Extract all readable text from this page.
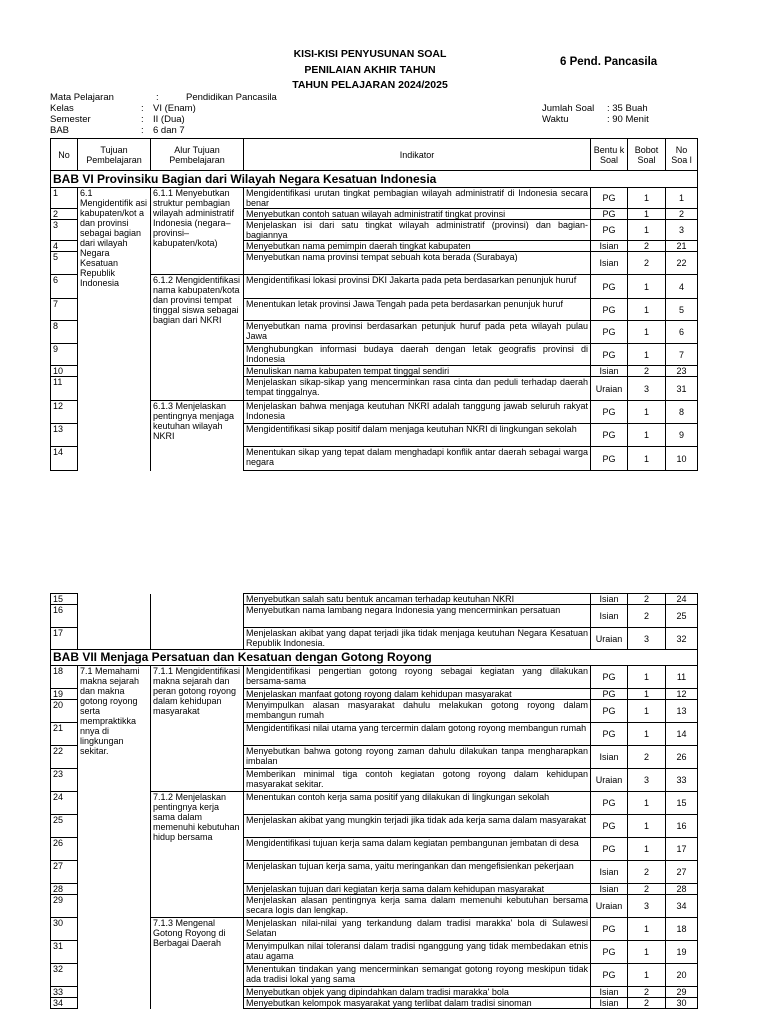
KISI-KISI PENYUSUNAN SOAL
PENILAIAN AKHIR TAHUN
TAHUN PELAJARAN 2024/2025
6 Pend. Pancasila
Mata Pelajaran	:	Pendidikan Pancasila
Kelas	: VI (Enam)
Semester	: II (Dua)
BAB	: 6 dan 7
Jumlah Soal : 35 Buah
Waktu	: 90 Menit
No	Tujuan Pembelajaran	Alur Tujuan Pembelajaran	Indikator	Bentu k Soal	Bobot Soal	No Soa l
BAB VI Provinsiku Bagian dari Wilayah Negara Kesatuan Indonesia						
1	6.1 Mengidentifik asi kabupaten/kot a dan provinsi sebagai bagian dari wilayah Negara Kesatuan Republik Indonesia	6.1.1 Menyebutkan struktur pembagian wilayah administratif Indonesia (negara–provinsi–kabupaten/kota)	Mengidentifikasi urutan tingkat pembagian wilayah administratif di Indonesia secara benar	PG	1	1
2			Menyebutkan contoh satuan wilayah administratif tingkat provinsi	PG	1	2
3			Menjelaskan isi dari satu tingkat wilayah administratif (provinsi) dan bagian-bagiannya	PG	1	3
4			Menyebutkan nama pemimpin daerah tingkat kabupaten	Isian	2	21
5			Menyebutkan nama provinsi tempat sebuah kota berada (Surabaya)	Isian	2	22
6		6.1.2 Mengidentifikasi nama kabupaten/kota dan provinsi tempat tinggal siswa sebagai bagian dari NKRI	Mengidentifikasi lokasi provinsi DKI Jakarta pada peta berdasarkan penunjuk huruf	PG	1	4
7			Menentukan letak provinsi Jawa Tengah pada peta berdasarkan penunjuk huruf	PG	1	5
8			Menyebutkan nama provinsi berdasarkan petunjuk huruf pada peta wilayah pulau Jawa	PG	1	6
9			Menghubungkan informasi budaya daerah dengan letak geografis provinsi di Indonesia	PG	1	7
10			Menuliskan nama kabupaten tempat tinggal sendiri	Isian	2	23
11			Menjelaskan sikap-sikap yang mencerminkan rasa cinta dan peduli terhadap daerah tempat tinggalnya.	Uraian	3	31
12		6.1.3 Menjelaskan pentingnya menjaga keutuhan wilayah NKRI	Menjelaskan bahwa menjaga keutuhan NKRI adalah tanggung jawab seluruh rakyat Indonesia	PG	1	8
13			Mengidentifikasi sikap positif dalam menjaga keutuhan NKRI di lingkungan sekolah	PG	1	9
14			Menentukan sikap yang tepat dalam menghadapi konflik antar daerah sebagai warga negara	PG	1	10
15			Menyebutkan salah satu bentuk ancaman terhadap keutuhan NKRI	Isian	2	24
16			Menyebutkan nama lambang negara Indonesia yang mencerminkan persatuan	Isian	2	25
17			Menjelaskan akibat yang dapat terjadi jika tidak menjaga keutuhan Negara Kesatuan Republik Indonesia.	Uraian	3	32
BAB VII Menjaga Persatuan dan Kesatuan dengan Gotong Royong						
18	7.1 Memahami makna sejarah dan makna gotong royong serta mempraktikka nnya di lingkungan sekitar.	7.1.1 Mengidentifikasi makna sejarah dan peran gotong royong dalam kehidupan masyarakat	Mengidentifikasi pengertian gotong royong sebagai kegiatan yang dilakukan bersama-sama	PG	1	11
19			Menjelaskan manfaat gotong royong dalam kehidupan masyarakat	PG	1	12
20			Menyimpulkan alasan masyarakat dahulu melakukan gotong royong dalam membangun rumah	PG	1	13
21			Mengidentifikasi nilai utama yang tercermin dalam gotong royong membangun rumah	PG	1	14
22			Menyebutkan bahwa gotong royong zaman dahulu dilakukan tanpa mengharapkan imbalan	Isian	2	26
23			Memberikan minimal tiga contoh kegiatan gotong royong dalam kehidupan masyarakat sekitar.	Uraian	3	33
24		7.1.2 Menjelaskan pentingnya kerja sama dalam memenuhi kebutuhan hidup bersama	Menentukan contoh kerja sama positif yang dilakukan di lingkungan sekolah	PG	1	15
25			Menjelaskan akibat yang mungkin terjadi jika tidak ada kerja sama dalam masyarakat	PG	1	16
26			Mengidentifikasi tujuan kerja sama dalam kegiatan pembangunan jembatan di desa	PG	1	17
27			Menjelaskan tujuan kerja sama, yaitu meringankan dan mengefisienkan pekerjaan	Isian	2	27
28			Menjelaskan tujuan dari kegiatan kerja sama dalam kehidupan masyarakat	Isian	2	28
29			Menjelaskan alasan pentingnya kerja sama dalam memenuhi kebutuhan bersama secara logis dan lengkap.	Uraian	3	34
30		7.1.3 Mengenal Gotong Royong di Berbagai Daerah	Menjelaskan nilai-nilai yang terkandung dalam tradisi marakka' bola di Sulawesi Selatan	PG	1	18
31			Menyimpulkan nilai toleransi dalam tradisi nganggung yang tidak membedakan etnis atau agama	PG	1	19
32			Menentukan tindakan yang mencerminkan semangat gotong royong meskipun tidak ada tradisi lokal yang sama	PG	1	20
33			Menyebutkan objek yang dipindahkan dalam tradisi marakka' bola	Isian	2	29
34			Menyebutkan kelompok masyarakat yang terlibat dalam tradisi sinoman	Isian	2	30
